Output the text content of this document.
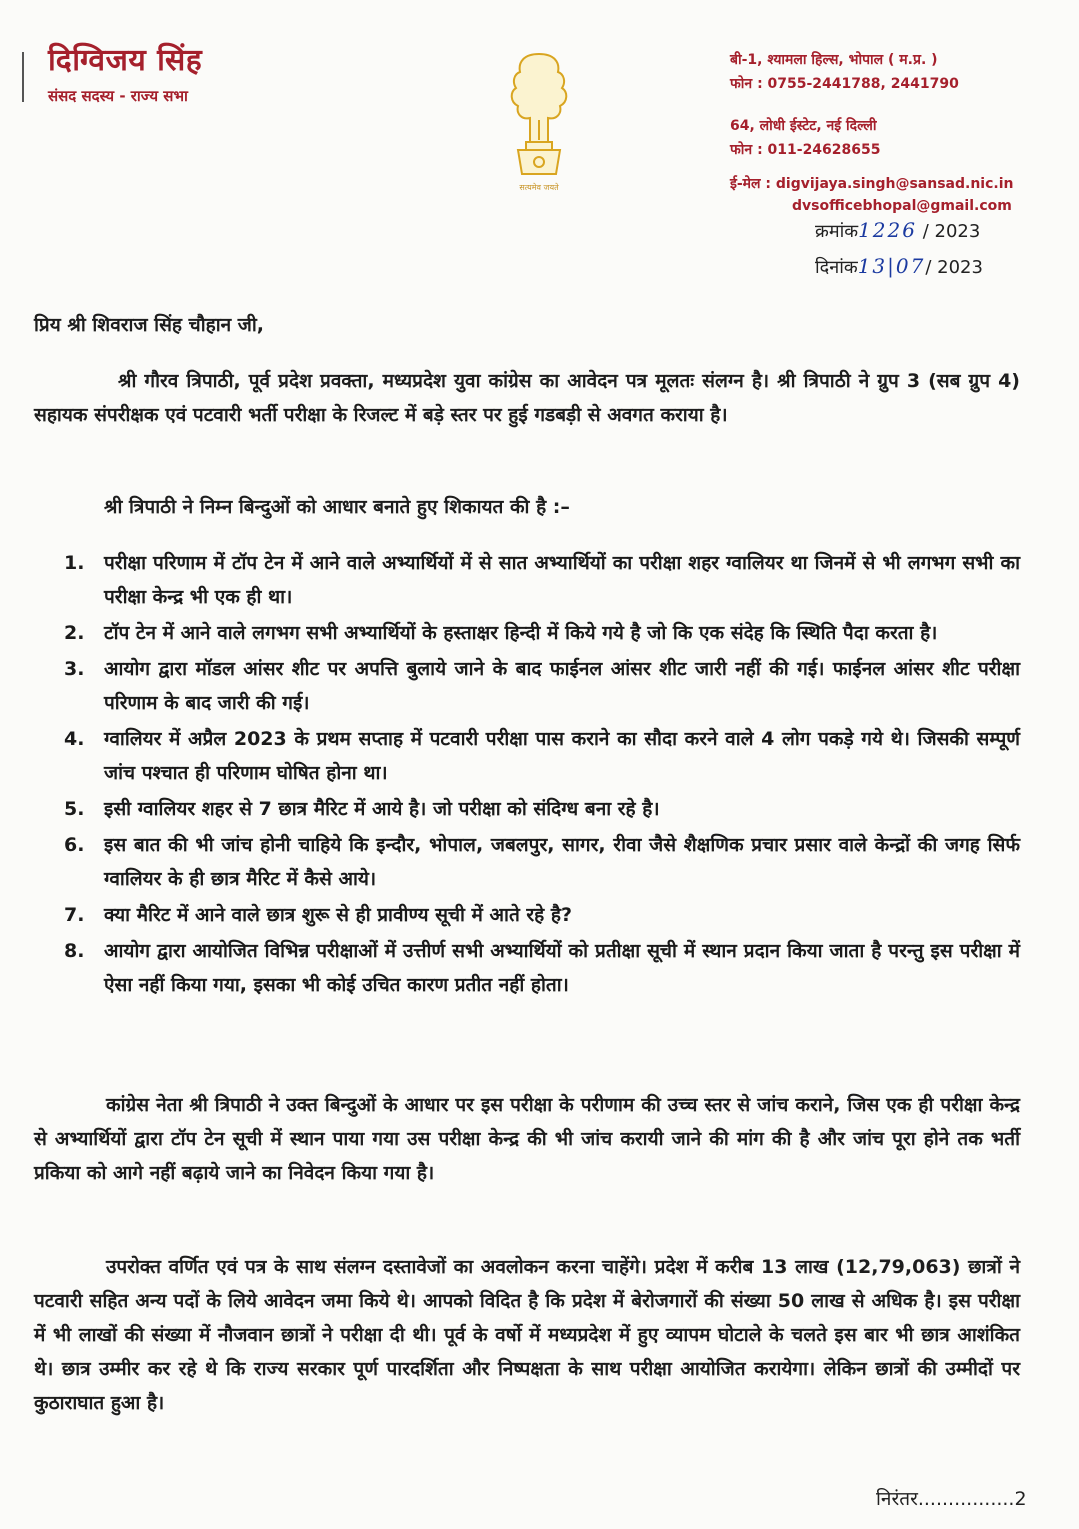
दिग्विजय सिंह
संसद सदस्य - राज्य सभा
सत्यमेव जयते
बी-1, श्यामला हिल्स, भोपाल ( म.प्र. )
फोन : 0755-2441788, 2441790
64, लोधी ईस्टेट, नई दिल्ली
फोन : 011-24628655
ई-मेल : digvijaya.singh@sansad.nic.in
dvsofficebhopal@gmail.com
क्रमांक1226 / 2023
दिनांक13|07/ 2023
प्रिय श्री शिवराज सिंह चौहान जी,
श्री गौरव त्रिपाठी, पूर्व प्रदेश प्रवक्ता, मध्यप्रदेश युवा कांग्रेस का आवेदन पत्र मूलतः संलग्न है। श्री त्रिपाठी ने ग्रुप 3 (सब ग्रुप 4) सहायक संपरीक्षक एवं पटवारी भर्ती परीक्षा के रिजल्ट में बड़े स्तर पर हुई गडबड़ी से अवगत कराया है।
श्री त्रिपाठी ने निम्न बिन्दुओं को आधार बनाते हुए शिकायत की है :–
1. परीक्षा परिणाम में टॉप टेन में आने वाले अभ्यार्थियों में से सात अभ्यार्थियों का परीक्षा शहर ग्वालियर था जिनमें से भी लगभग सभी का परीक्षा केन्द्र भी एक ही था।
2. टॉप टेन में आने वाले लगभग सभी अभ्यार्थियों के हस्ताक्षर हिन्दी में किये गये है जो कि एक संदेह कि स्थिति पैदा करता है।
3. आयोग द्वारा मॉडल आंसर शीट पर अपत्ति बुलाये जाने के बाद फाईनल आंसर शीट जारी नहीं की गई। फाईनल आंसर शीट परीक्षा परिणाम के बाद जारी की गई।
4. ग्वालियर में अप्रैल 2023 के प्रथम सप्ताह में पटवारी परीक्षा पास कराने का सौदा करने वाले 4 लोग पकड़े गये थे। जिसकी सम्पूर्ण जांच पश्चात ही परिणाम घोषित होना था।
5. इसी ग्वालियर शहर से 7 छात्र मैरिट में आये है। जो परीक्षा को संदिग्ध बना रहे है।
6. इस बात की भी जांच होनी चाहिये कि इन्दौर, भोपाल, जबलपुर, सागर, रीवा जैसे शैक्षणिक प्रचार प्रसार वाले केन्द्रों की जगह सिर्फ ग्वालियर के ही छात्र मैरिट में कैसे आये।
7. क्या मैरिट में आने वाले छात्र शुरू से ही प्रावीण्य सूची में आते रहे है?
8. आयोग द्वारा आयोजित विभिन्न परीक्षाओं में उत्तीर्ण सभी अभ्यार्थियों को प्रतीक्षा सूची में स्थान प्रदान किया जाता है परन्तु इस परीक्षा में ऐसा नहीं किया गया, इसका भी कोई उचित कारण प्रतीत नहीं होता।
कांग्रेस नेता श्री त्रिपाठी ने उक्त बिन्दुओं के आधार पर इस परीक्षा के परीणाम की उच्च स्तर से जांच कराने, जिस एक ही परीक्षा केन्द्र से अभ्यार्थियों द्वारा टॉप टेन सूची में स्थान पाया गया उस परीक्षा केन्द्र की भी जांच करायी जाने की मांग की है और जांच पूरा होने तक भर्ती प्रकिया को आगे नहीं बढ़ाये जाने का निवेदन किया गया है।
उपरोक्त वर्णित एवं पत्र के साथ संलग्न दस्तावेजों का अवलोकन करना चाहेंगे। प्रदेश में करीब 13 लाख (12,79,063) छात्रों ने पटवारी सहित अन्य पदों के लिये आवेदन जमा किये थे। आपको विदित है कि प्रदेश में बेरोजगारों की संख्या 50 लाख से अधिक है। इस परीक्षा में भी लाखों की संख्या में नौजवान छात्रों ने परीक्षा दी थी। पूर्व के वर्षो में मध्यप्रदेश में हुए व्यापम घोटाले के चलते इस बार भी छात्र आशंकित थे। छात्र उम्मीर कर रहे थे कि राज्य सरकार पूर्ण पारदर्शिता और निष्पक्षता के साथ परीक्षा आयोजित करायेगा। लेकिन छात्रों की उम्मीदों पर कुठाराघात हुआ है।
निरंतर................2
